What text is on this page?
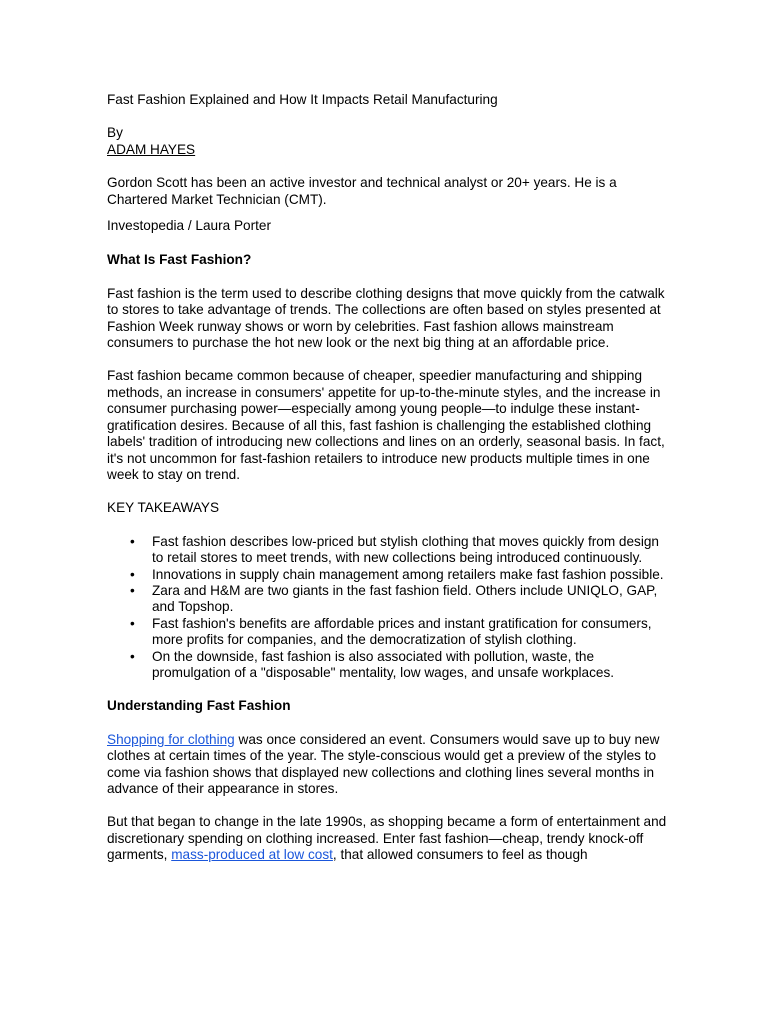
Fast Fashion Explained and How It Impacts Retail Manufacturing

By

ADAM HAYES

Gordon Scott has been an active investor and technical analyst or 20+ years. He is a Chartered Market Technician (CMT).

Investopedia / Laura Porter

What Is Fast Fashion?

Fast fashion is the term used to describe clothing designs that move quickly from the catwalk to stores to take advantage of trends. The collections are often based on styles presented at Fashion Week runway shows or worn by celebrities. Fast fashion allows mainstream consumers to purchase the hot new look or the next big thing at an affordable price.

Fast fashion became common because of cheaper, speedier manufacturing and shipping methods, an increase in consumers' appetite for up-to-the-minute styles, and the increase in consumer purchasing power—especially among young people—to indulge these instant-gratification desires. Because of all this, fast fashion is challenging the established clothing labels' tradition of introducing new collections and lines on an orderly, seasonal basis. In fact, it's not uncommon for fast-fashion retailers to introduce new products multiple times in one week to stay on trend.

KEY TAKEAWAYS

• Fast fashion describes low-priced but stylish clothing that moves quickly from design to retail stores to meet trends, with new collections being introduced continuously.
• Innovations in supply chain management among retailers make fast fashion possible.
• Zara and H&M are two giants in the fast fashion field. Others include UNIQLO, GAP, and Topshop.
• Fast fashion's benefits are affordable prices and instant gratification for consumers, more profits for companies, and the democratization of stylish clothing.
• On the downside, fast fashion is also associated with pollution, waste, the promulgation of a "disposable" mentality, low wages, and unsafe workplaces.
Understanding Fast Fashion

Shopping for clothing was once considered an event. Consumers would save up to buy new clothes at certain times of the year. The style-conscious would get a preview of the styles to come via fashion shows that displayed new collections and clothing lines several months in advance of their appearance in stores.

But that began to change in the late 1990s, as shopping became a form of entertainment and discretionary spending on clothing increased. Enter fast fashion—cheap, trendy knock-off garments, mass-produced at low cost, that allowed consumers to feel as though
